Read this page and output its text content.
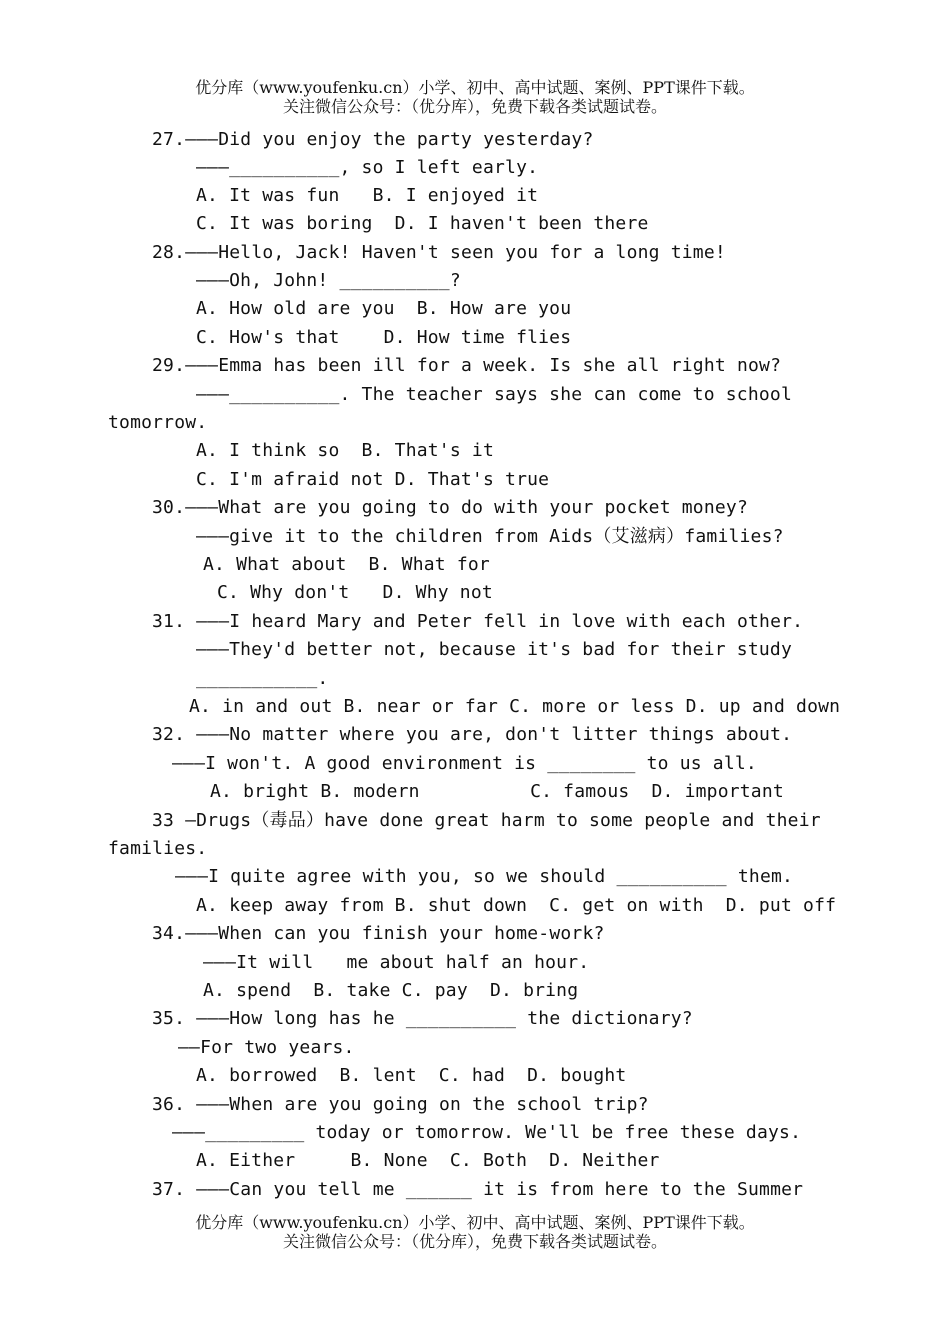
优分库（www.youfenku.cn）小学、初中、高中试题、案例、PPT课件下载。
关注微信公众号：（优分库），免费下载各类试题试卷。
27.———Did you enjoy the party yesterday?
———__________, so I left early.
A. It was fun   B. I enjoyed it
C. It was boring  D. I haven't been there
28.———Hello, Jack! Haven't seen you for a long time!
———Oh, John! __________?
A. How old are you  B. How are you
C. How's that    D. How time flies
29.———Emma has been ill for a week. Is she all right now?
———__________. The teacher says she can come to school
tomorrow.
A. I think so  B. That's it
C. I'm afraid not D. That's true
30.———What are you going to do with your pocket money?
———give it to the children from Aids（艾滋病）families?
A. What about  B. What for
C. Why don't   D. Why not
31. ———I heard Mary and Peter fell in love with each other.
———They'd better not, because it's bad for their study
___________.
A. in and out B. near or far C. more or less D. up and down
32. ———No matter where you are, don't litter things about.
———I won't. A good environment is ________ to us all.
A. bright B. modern          C. famous  D. important
33 —Drugs（毒品）have done great harm to some people and their
families.
———I quite agree with you, so we should __________ them.
A. keep away from B. shut down  C. get on with  D. put off
34.———When can you finish your home-work?
———It will   me about half an hour.
A. spend  B. take C. pay  D. bring
35. ———How long has he __________ the dictionary?
——For two years.
A. borrowed  B. lent  C. had  D. bought
36. ———When are you going on the school trip?
———_________ today or tomorrow. We'll be free these days.
A. Either     B. None  C. Both  D. Neither
37. ———Can you tell me ______ it is from here to the Summer
优分库（www.youfenku.cn）小学、初中、高中试题、案例、PPT课件下载。
关注微信公众号：（优分库），免费下载各类试题试卷。
